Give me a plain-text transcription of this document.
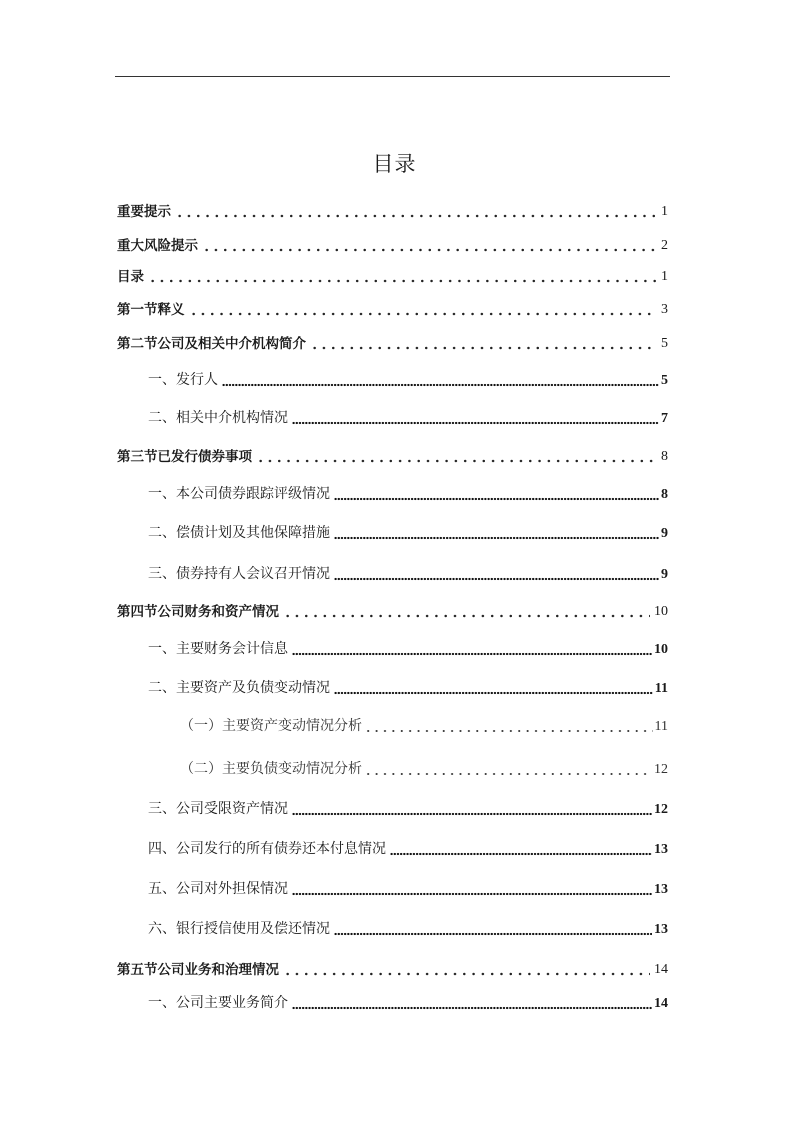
目录
重要提示	1
重大风险提示	2
目录	1
第一节释义	3
第二节公司及相关中介机构简介	5
一、发行人	5
二、相关中介机构情况	7
第三节已发行债券事项	8
一、本公司债券跟踪评级情况	8
二、偿债计划及其他保障措施	9
三、债券持有人会议召开情况	9
第四节公司财务和资产情况	10
一、主要财务会计信息	10
二、主要资产及负债变动情况	11
（一）主要资产变动情况分析	11
（二）主要负债变动情况分析	12
三、公司受限资产情况	12
四、公司发行的所有债券还本付息情况	13
五、公司对外担保情况	13
六、银行授信使用及偿还情况	13
第五节公司业务和治理情况	14
一、公司主要业务简介	14
